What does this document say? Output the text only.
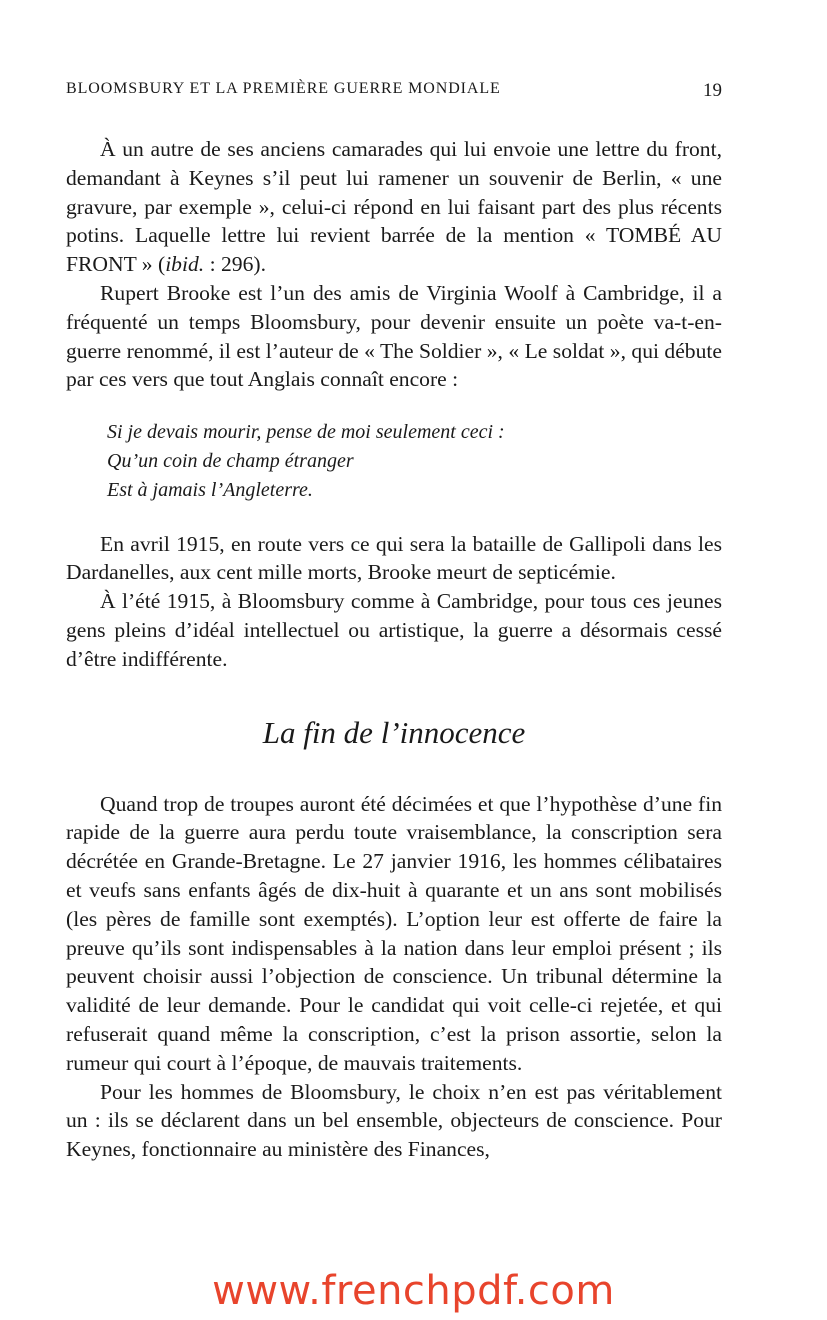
BLOOMSBURY ET LA PREMIÈRE GUERRE MONDIALE	19

À un autre de ses anciens camarades qui lui envoie une lettre du front, demandant à Keynes s’il peut lui ramener un souvenir de Berlin, « une gravure, par exemple », celui-ci répond en lui faisant part des plus récents potins. Laquelle lettre lui revient barrée de la mention « TOMBÉ AU FRONT » (ibid. : 296).

Rupert Brooke est l’un des amis de Virginia Woolf à Cambridge, il a fréquenté un temps Bloomsbury, pour devenir ensuite un poète va-t-en-guerre renommé, il est l’auteur de « The Soldier », « Le soldat », qui débute par ces vers que tout Anglais connaît encore :

Si je devais mourir, pense de moi seulement ceci :
Qu’un coin de champ étranger
Est à jamais l’Angleterre.

En avril 1915, en route vers ce qui sera la bataille de Gallipoli dans les Dardanelles, aux cent mille morts, Brooke meurt de septicémie.

À l’été 1915, à Bloomsbury comme à Cambridge, pour tous ces jeunes gens pleins d’idéal intellectuel ou artistique, la guerre a désormais cessé d’être indifférente.

La fin de l’innocence

Quand trop de troupes auront été décimées et que l’hypothèse d’une fin rapide de la guerre aura perdu toute vraisemblance, la conscription sera décrétée en Grande-Bretagne. Le 27 janvier 1916, les hommes célibataires et veufs sans enfants âgés de dix-huit à quarante et un ans sont mobilisés (les pères de famille sont exemptés). L’option leur est offerte de faire la preuve qu’ils sont indispensables à la nation dans leur emploi présent ; ils peuvent choisir aussi l’objection de conscience. Un tribunal détermine la validité de leur demande. Pour le candidat qui voit celle-ci rejetée, et qui refuserait quand même la conscription, c’est la prison assortie, selon la rumeur qui court à l’époque, de mauvais traitements.

Pour les hommes de Bloomsbury, le choix n’en est pas véritablement un : ils se déclarent dans un bel ensemble, objecteurs de conscience. Pour Keynes, fonctionnaire au ministère des Finances,

www.frenchpdf.com
